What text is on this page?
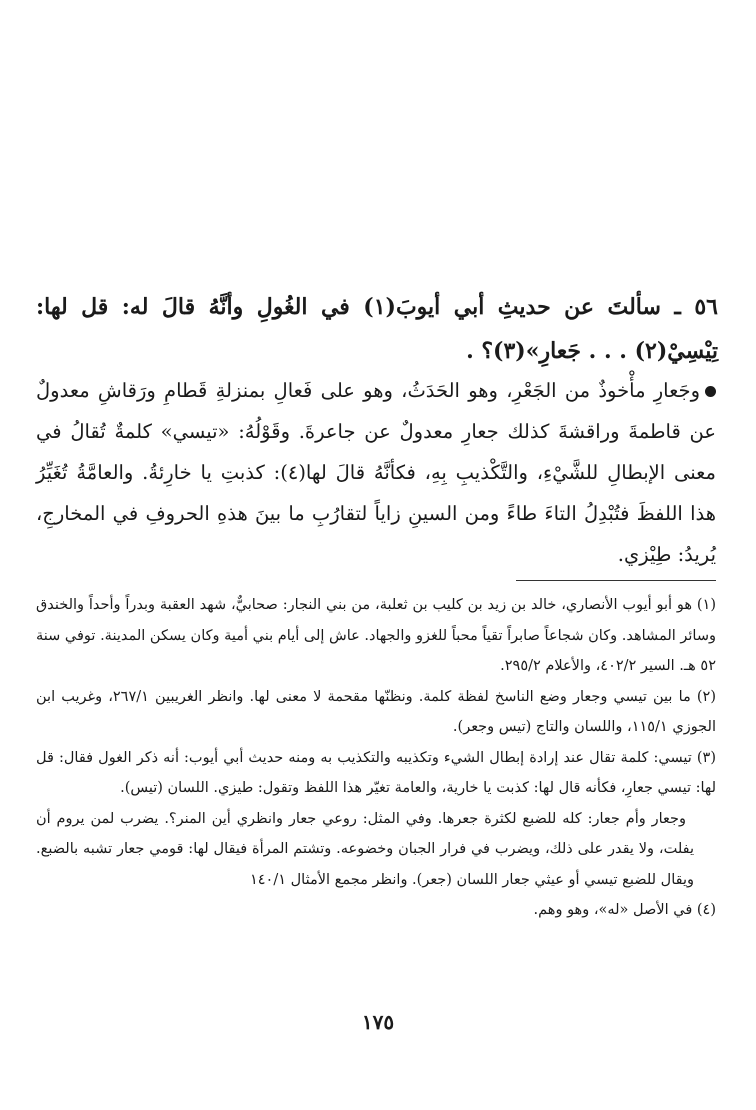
٥٦ ـ سألتَ عن حديثِ أبي أيوبَ(١) في الغُولِ وأنَّهُ قالَ له: قل لها: تِيْسِيْ(٢) . . . جَعارِ»(٣)؟ .
وجَعارِ مأْخوذٌ من الجَعْرِ، وهو الحَدَثُ، وهو على فَعالِ بمنزلةِ قَطامِ ورَقاشِ معدولٌ عن قاطمةَ وراقشةَ كذلك جعارِ معدولٌ عن جاعرةَ. وقَوْلُهُ: «تيسي» كلمةٌ تُقالُ في معنى الإبطالِ للشَّيْءِ، والتَّكْذيبِ بِهِ، فكأنَّهُ قالَ لها(٤): كذبتِ يا خارِئةُ. والعامَّةُ تُغَيِّرُ هذا اللفظَ فتُبْدِلُ التاءَ طاءً ومن السينِ زاياً لتقارُبِ ما بينَ هذهِ الحروفِ في المخارجِ، يُريدُ: طِيْزي.

(١) هو أبو أيوب الأنصاري، خالد بن زيد بن كليب بن ثعلبة، من بني النجار: صحابيٌّ، شهد العقبة وبدراً وأحداً والخندق وسائر المشاهد. وكان شجاعاً صابراً تقياً محباً للغزو والجهاد. عاش إلى أيام بني أمية وكان يسكن المدينة. توفي سنة ٥٢ هـ. السير ٤٠٢/٢، والأعلام ٢٩٥/٢.

(٢) ما بين تيسي وجعار وضع الناسخ لفظة كلمة. ونظنّها مقحمة لا معنى لها. وانظر الغريبين ٢٦٧/١، وغريب ابن الجوزي ١١٥/١، واللسان والتاج (تيس وجعر).

(٣) تيسي: كلمة تقال عند إرادة إبطال الشيء وتكذيبه والتكذيب به ومنه حديث أبي أيوب: أنه ذكر الغول فقال: قل لها: تيسي جعارِ، فكأنه قال لها: كذبت يا خارية، والعامة تغيّر هذا اللفظ وتقول: طيزي. اللسان (تيس).

وجعار وأم جعار: كله للضبع لكثرة جعرها. وفي المثل: روعي جعار وانظري أين المنر؟. يضرب لمن يروم أن يفلت، ولا يقدر على ذلك، ويضرب في فرار الجبان وخضوعه. وتشتم المرأة فيقال لها: قومي جعار تشبه بالضبع. ويقال للضبع تيسي أو عيثي جعار اللسان (جعر). وانظر مجمع الأمثال ١٤٠/١

(٤) في الأصل «له»، وهو وهم.

١٧٥
